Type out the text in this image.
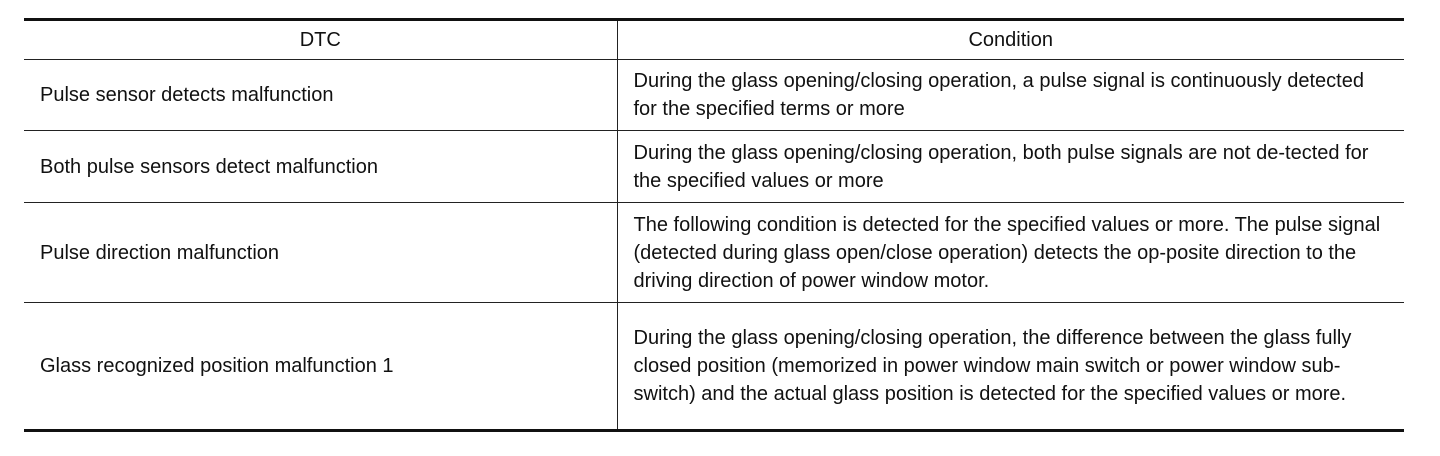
DTC	Condition
Pulse sensor detects malfunction	During the glass opening/closing operation, a pulse signal is continuously detected for the specified terms or more
Both pulse sensors detect malfunction	During the glass opening/closing operation, both pulse signals are not de-tected for the specified values or more
Pulse direction malfunction	The following condition is detected for the specified values or more. The pulse signal (detected during glass open/close operation) detects the op-posite direction to the driving direction of power window motor.
Glass recognized position malfunction 1	During the glass opening/closing operation, the difference between the glass fully closed position (memorized in power window main switch or power window sub-switch) and the actual glass position is detected for the specified values or more.
